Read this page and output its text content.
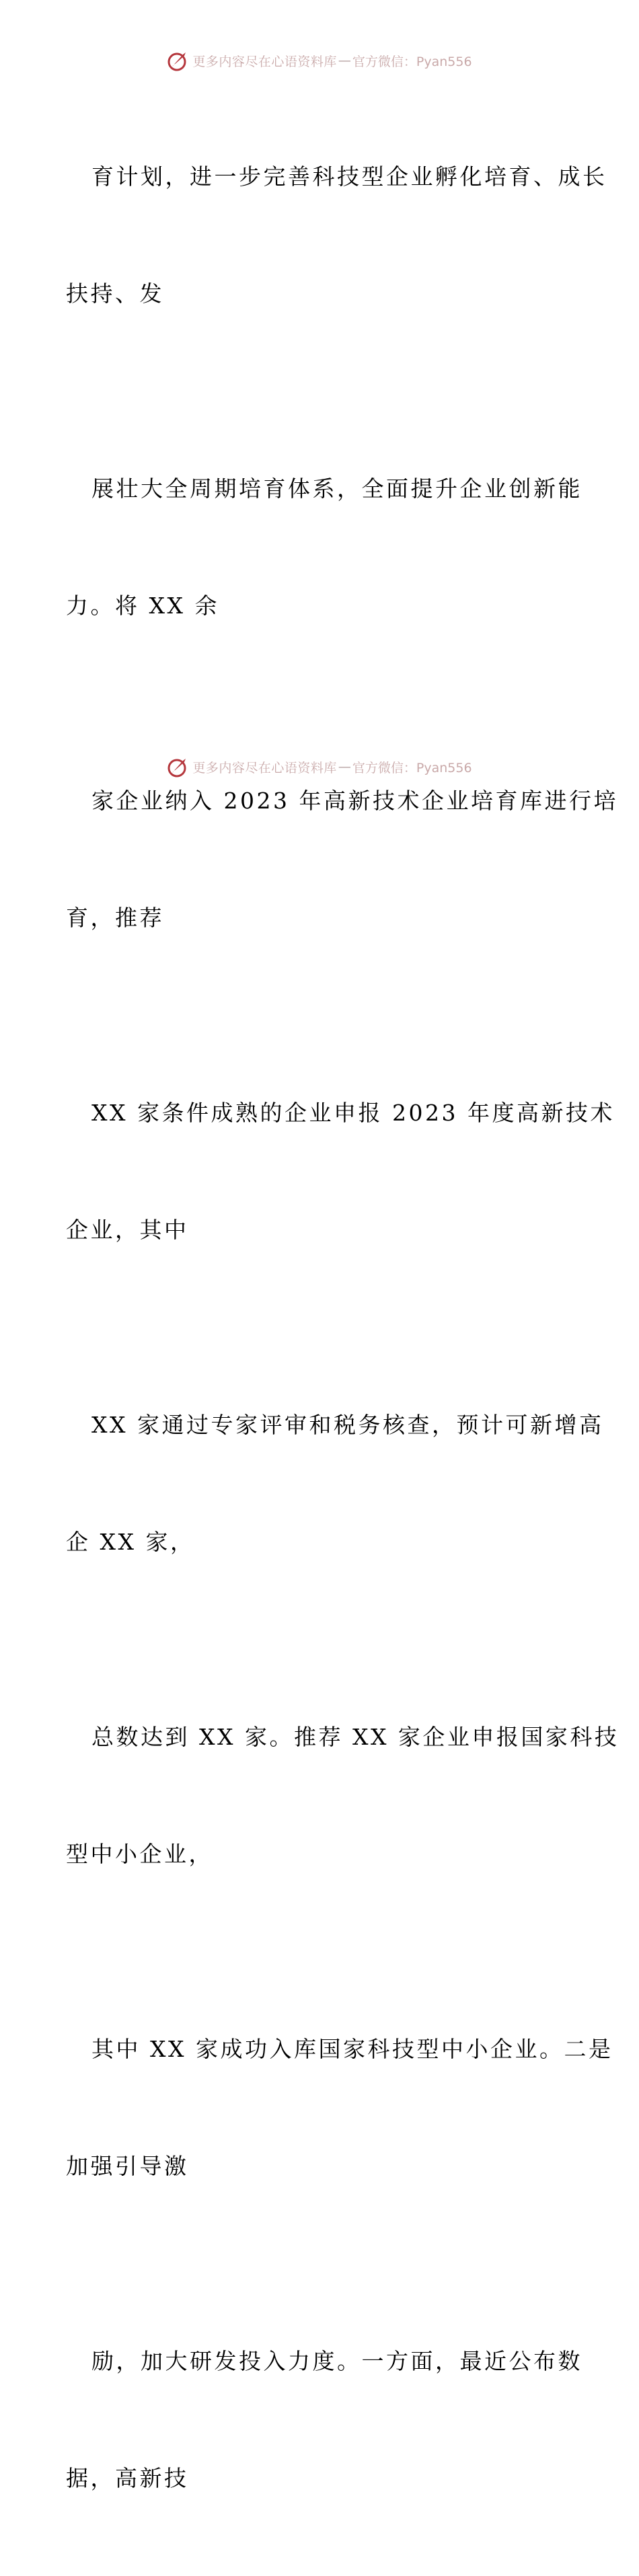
更多内容尽在心语资料库 — 官方微信：Pyan556

育计划，进一步完善科技型企业孵化培育、成长

扶持、发

展壮大全周期培育体系，全面提升企业创新能

力。将 XX 余

家企业纳入 2023 年高新技术企业培育库进行培

育，推荐

XX 家条件成熟的企业申报 2023 年度高新技术

企业，其中

XX 家通过专家评审和税务核查，预计可新增高

企 XX 家，

总数达到 XX 家。推荐 XX 家企业申报国家科技

型中小企业，

其中 XX 家成功入库国家科技型中小企业。二是

加强引导激

励，加大研发投入力度。一方面，最近公布数

据，高新技

更多内容尽在心语资料库 — 官方微信：Pyan556
